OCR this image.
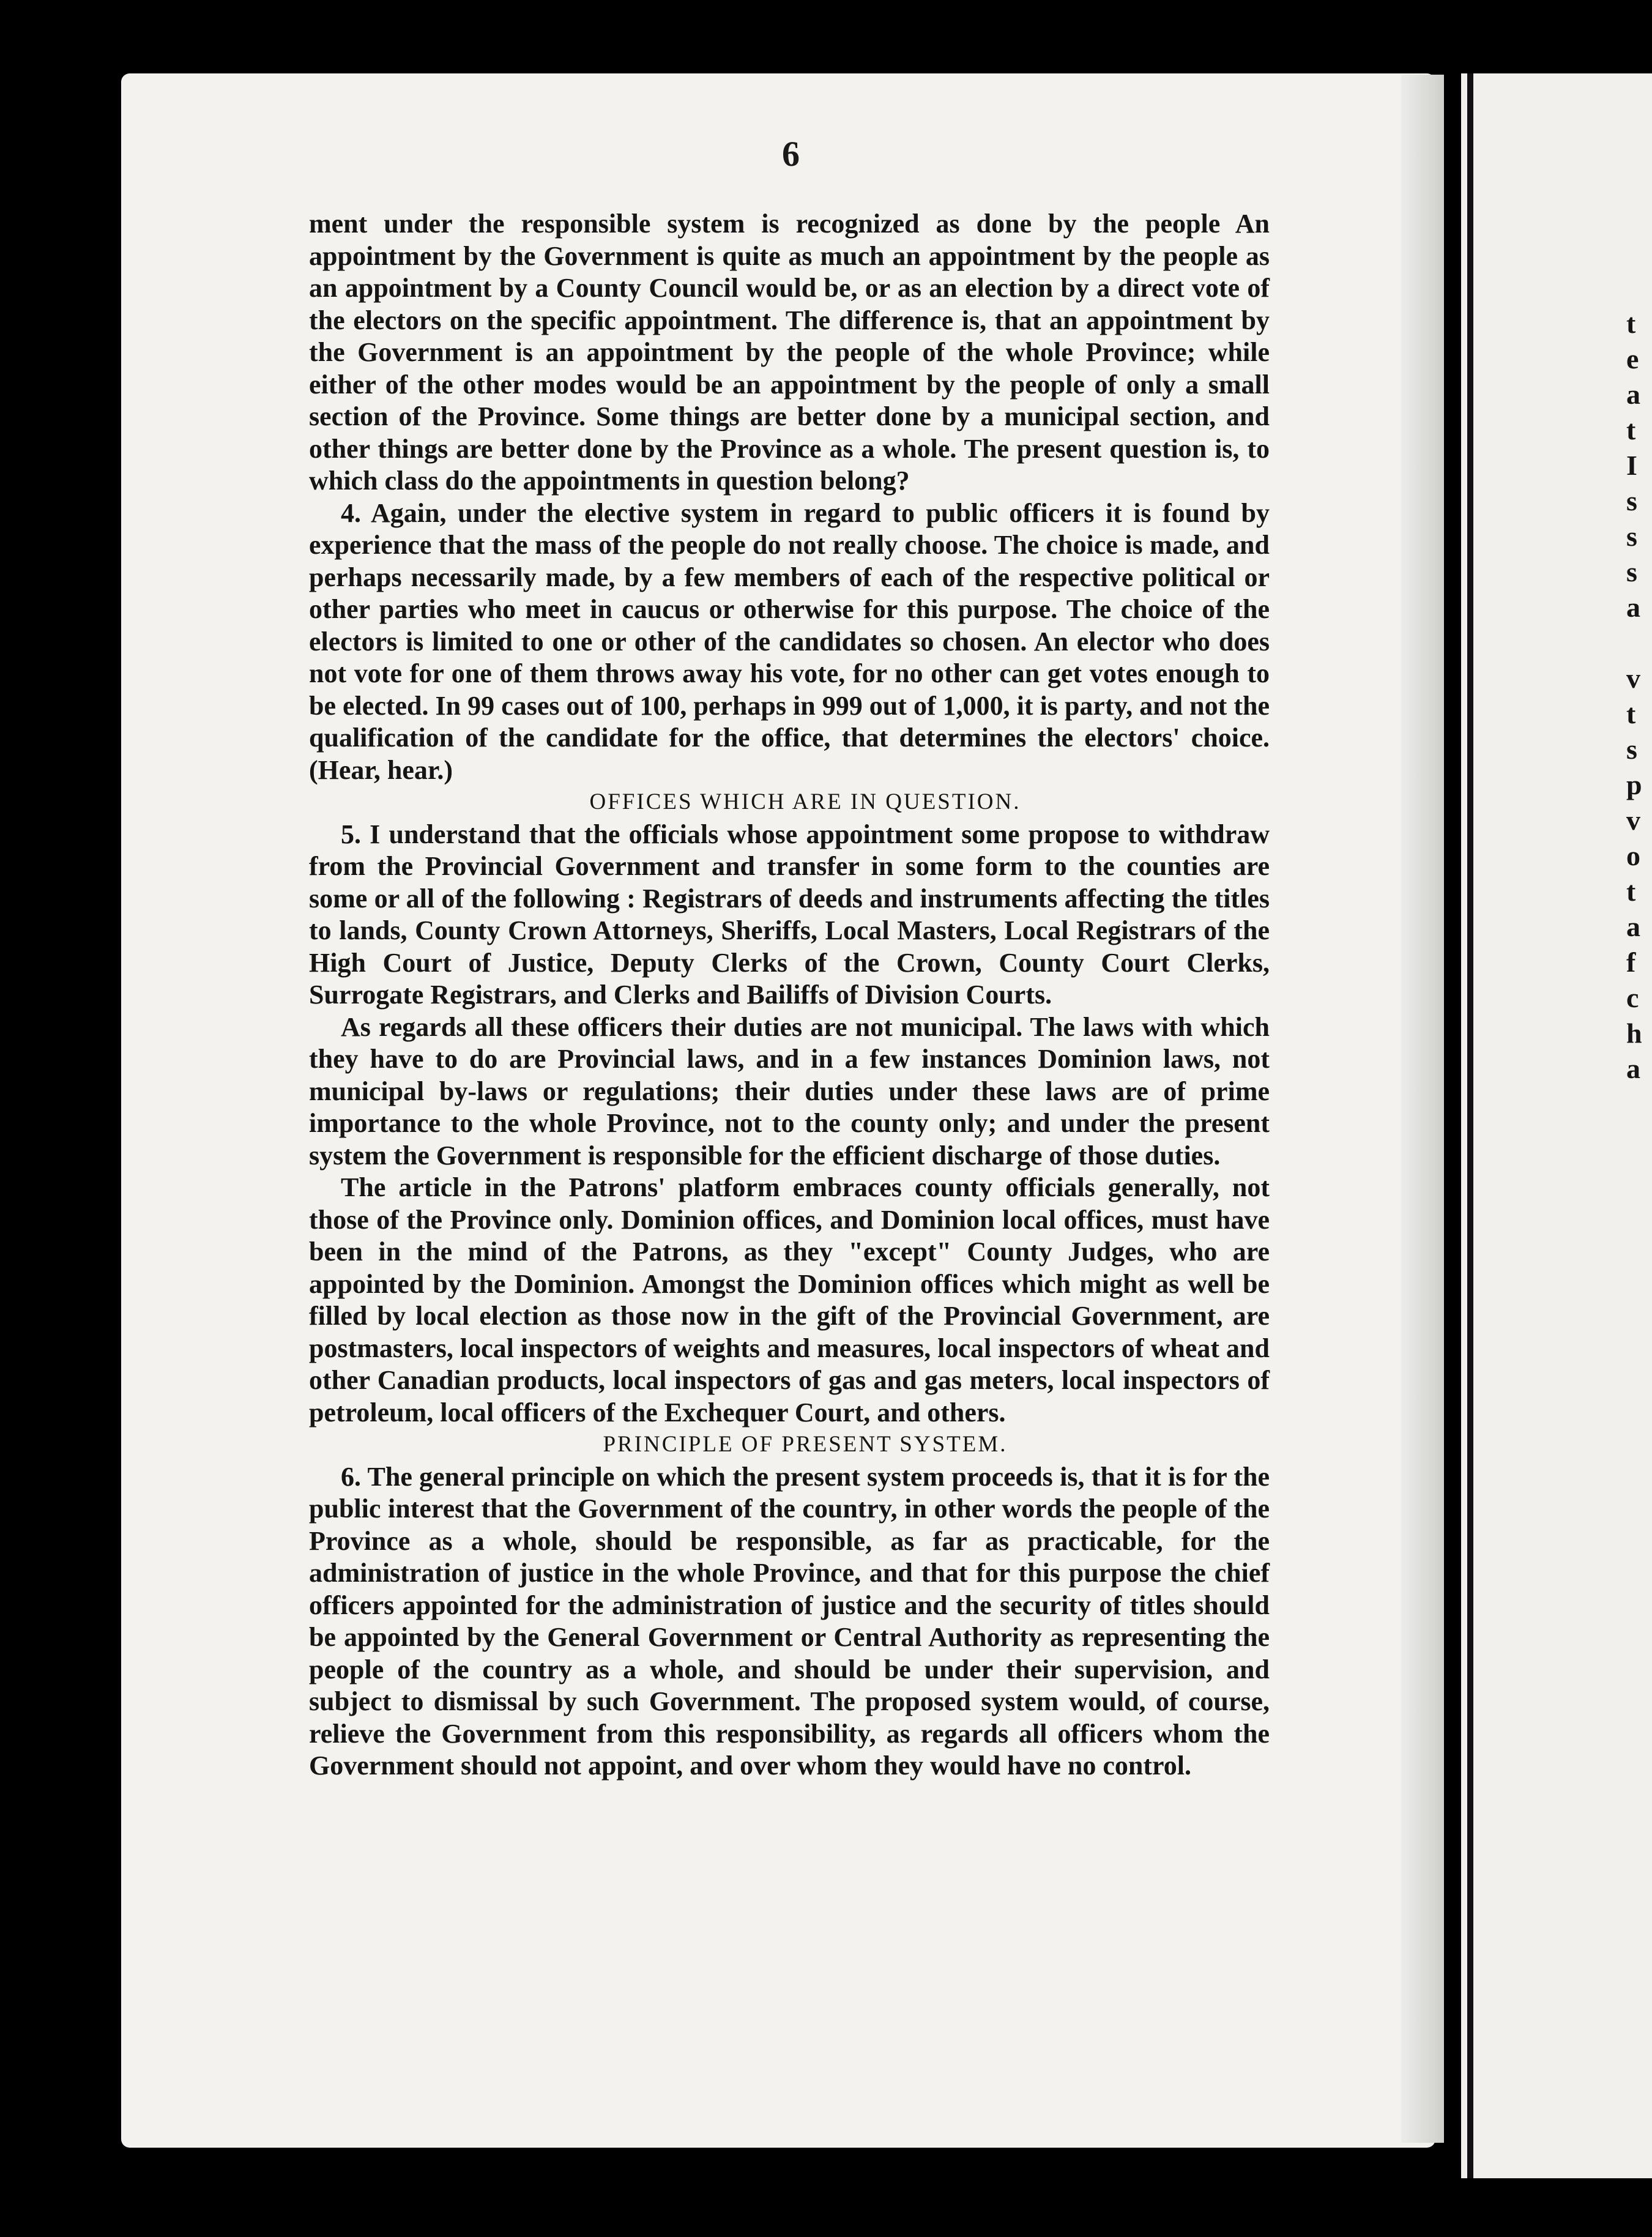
t
e
a
t
I
s
s
s
a
v
t
s
p
v
o
t
a
f
c
h
a
6

ment under the responsible system is recognized as done by the people An appointment by the Government is quite as much an appointment by the people as an appointment by a County Council would be, or as an election by a direct vote of the electors on the specific appointment. The difference is, that an appointment by the Government is an appointment by the people of the whole Province; while either of the other modes would be an appointment by the people of only a small section of the Province. Some things are better done by a municipal section, and other things are better done by the Province as a whole. The present question is, to which class do the appointments in question belong?

4. Again, under the elective system in regard to public officers it is found by experience that the mass of the people do not really choose. The choice is made, and perhaps necessarily made, by a few members of each of the respective political or other parties who meet in caucus or otherwise for this purpose. The choice of the electors is limited to one or other of the candidates so chosen. An elector who does not vote for one of them throws away his vote, for no other can get votes enough to be elected. In 99 cases out of 100, perhaps in 999 out of 1,000, it is party, and not the qualification of the candidate for the office, that determines the electors' choice. (Hear, hear.)

OFFICES WHICH ARE IN QUESTION.

5. I understand that the officials whose appointment some propose to withdraw from the Provincial Government and transfer in some form to the counties are some or all of the following : Registrars of deeds and instruments affecting the titles to lands, County Crown Attorneys, Sheriffs, Local Masters, Local Registrars of the High Court of Justice, Deputy Clerks of the Crown, County Court Clerks, Surrogate Registrars, and Clerks and Bailiffs of Division Courts.

As regards all these officers their duties are not municipal. The laws with which they have to do are Provincial laws, and in a few instances Dominion laws, not municipal by-laws or regulations; their duties under these laws are of prime importance to the whole Province, not to the county only; and under the present system the Government is responsible for the efficient discharge of those duties.

The article in the Patrons' platform embraces county officials generally, not those of the Province only. Dominion offices, and Dominion local offices, must have been in the mind of the Patrons, as they "except" County Judges, who are appointed by the Dominion. Amongst the Dominion offices which might as well be filled by local election as those now in the gift of the Provincial Government, are postmasters, local inspectors of weights and measures, local inspectors of wheat and other Canadian products, local inspectors of gas and gas meters, local inspectors of petroleum, local officers of the Exchequer Court, and others.

PRINCIPLE OF PRESENT SYSTEM.

6. The general principle on which the present system proceeds is, that it is for the public interest that the Government of the country, in other words the people of the Province as a whole, should be responsible, as far as practicable, for the administration of justice in the whole Province, and that for this purpose the chief officers appointed for the administration of justice and the security of titles should be appointed by the General Government or Central Authority as representing the people of the country as a whole, and should be under their supervision, and subject to dismissal by such Government. The proposed system would, of course, relieve the Government from this responsibility, as regards all officers whom the Government should not appoint, and over whom they would have no control.
